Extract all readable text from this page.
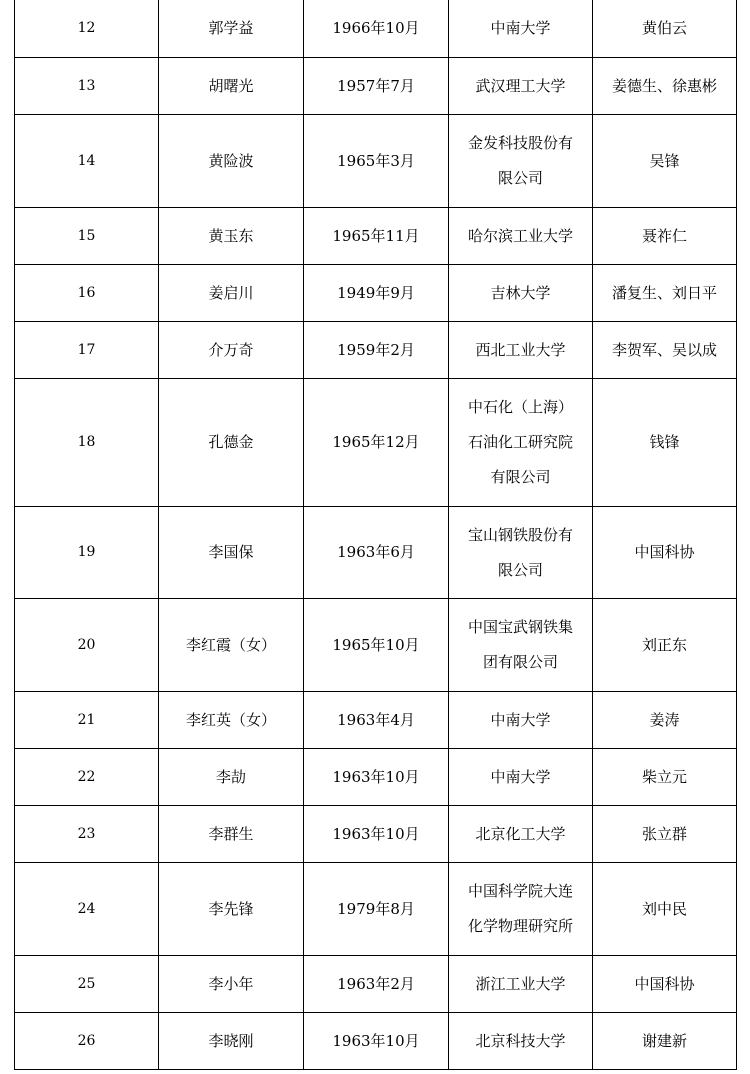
12	郭学益	1966年10月	中南大学	黄伯云
13	胡曙光	1957年7月	武汉理工大学	姜德生、徐惠彬
14	黄险波	1965年3月	金发科技股份有限公司	吴锋
15	黄玉东	1965年11月	哈尔滨工业大学	聂祚仁
16	姜启川	1949年9月	吉林大学	潘复生、刘日平
17	介万奇	1959年2月	西北工业大学	李贺军、吴以成
18	孔德金	1965年12月	中石化（上海）石油化工研究院有限公司	钱锋
19	李国保	1963年6月	宝山钢铁股份有限公司	中国科协
20	李红霞（女）	1965年10月	中国宝武钢铁集团有限公司	刘正东
21	李红英（女）	1963年4月	中南大学	姜涛
22	李劼	1963年10月	中南大学	柴立元
23	李群生	1963年10月	北京化工大学	张立群
24	李先锋	1979年8月	中国科学院大连化学物理研究所	刘中民
25	李小年	1963年2月	浙江工业大学	中国科协
26	李晓刚	1963年10月	北京科技大学	谢建新
